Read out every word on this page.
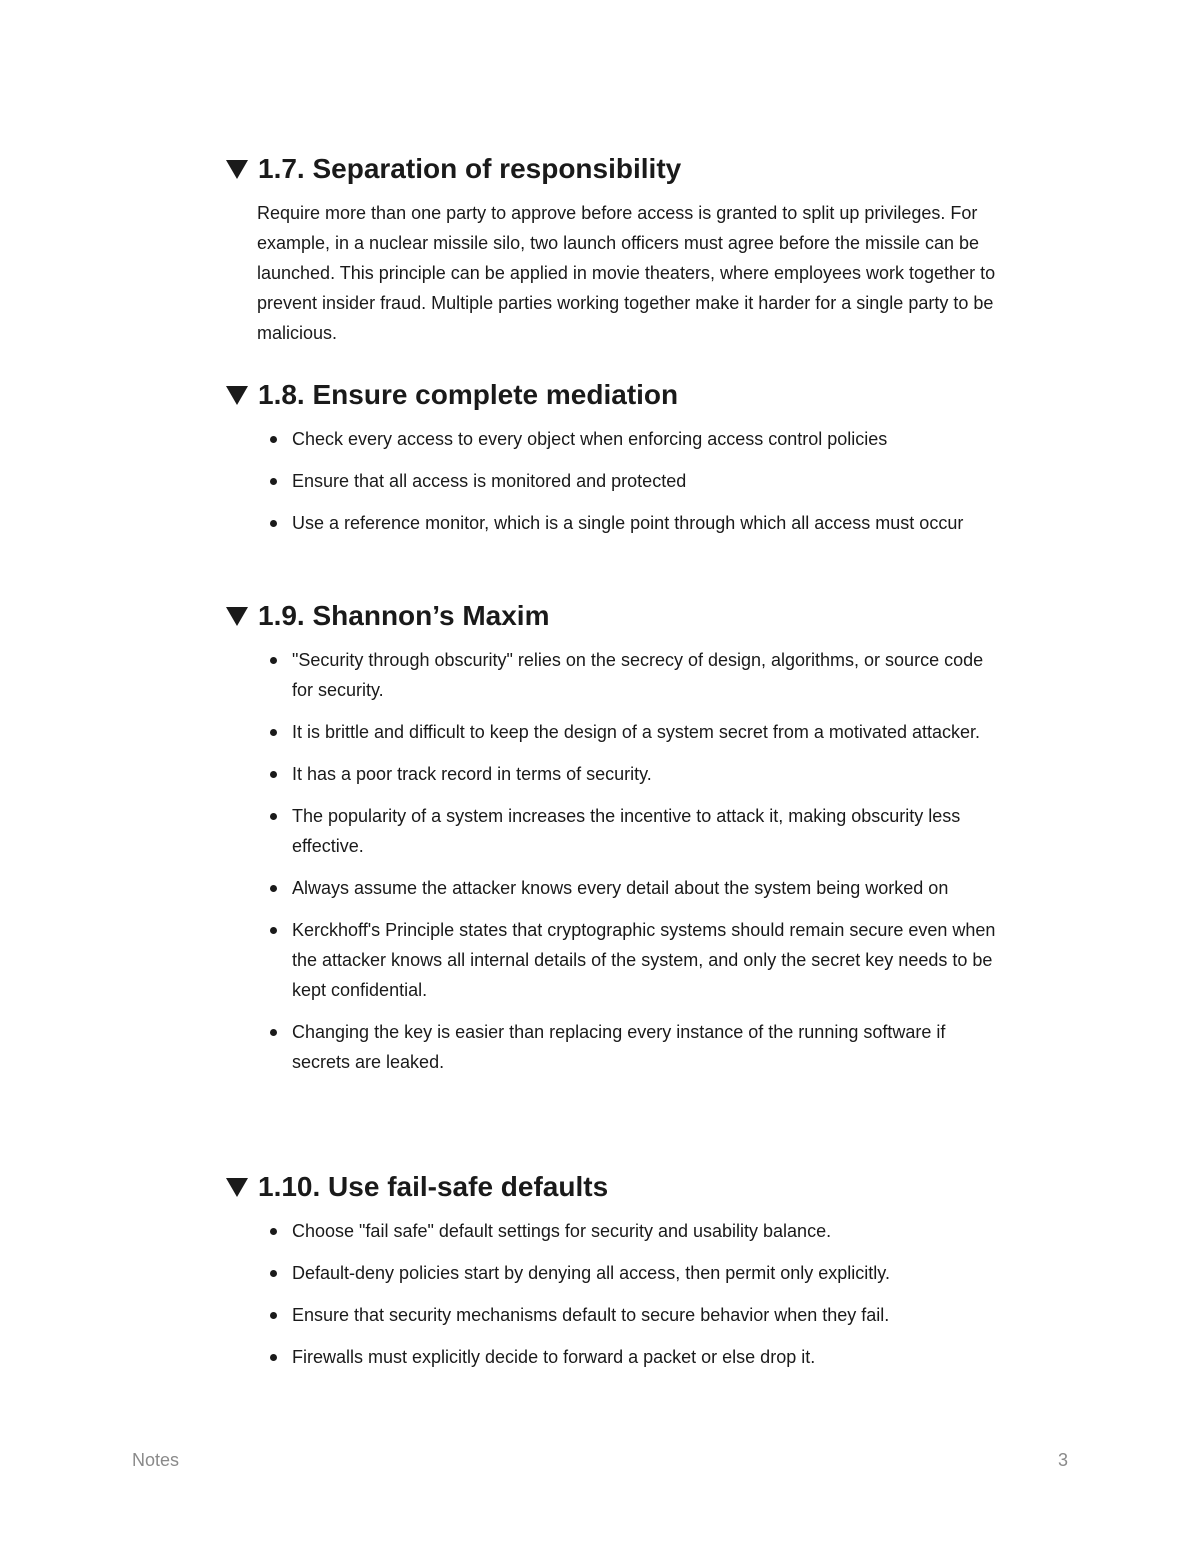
1.7. Separation of responsibility

Require more than one party to approve before access is granted to split up privileges. For example, in a nuclear missile silo, two launch officers must agree before the missile can be launched. This principle can be applied in movie theaters, where employees work together to prevent insider fraud. Multiple parties working together make it harder for a single party to be malicious.

1.8. Ensure complete mediation
Check every access to every object when enforcing access control policies
Ensure that all access is monitored and protected
Use a reference monitor, which is a single point through which all access must occur
1.9. Shannon’s Maxim
"Security through obscurity" relies on the secrecy of design, algorithms, or source code for security.
It is brittle and difficult to keep the design of a system secret from a motivated attacker.
It has a poor track record in terms of security.
The popularity of a system increases the incentive to attack it, making obscurity less effective.
Always assume the attacker knows every detail about the system being worked on
Kerckhoff's Principle states that cryptographic systems should remain secure even when the attacker knows all internal details of the system, and only the secret key needs to be kept confidential.
Changing the key is easier than replacing every instance of the running software if secrets are leaked.
1.10. Use fail-safe defaults
Choose "fail safe" default settings for security and usability balance.
Default-deny policies start by denying all access, then permit only explicitly.
Ensure that security mechanisms default to secure behavior when they fail.
Firewalls must explicitly decide to forward a packet or else drop it.
Notes	3
